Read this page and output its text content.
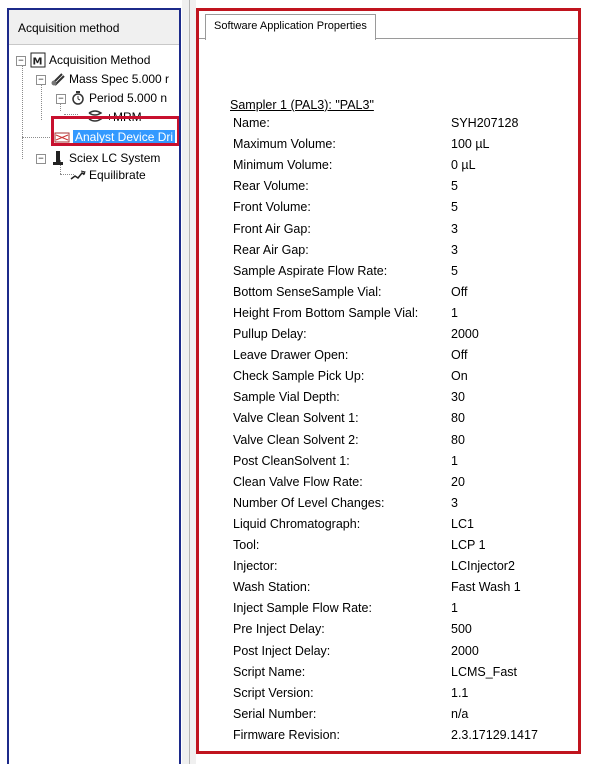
Acquisition method
− M Acquisition Method
− Mass Spec 5.000 r
− Period 5.000 n
+MRM
Analyst Device Dri
− Sciex LC System
Equilibrate
Software Application Properties
Sampler 1 (PAL3): "PAL3"
Name:	SYH207128
Maximum Volume:	100 µL
Minimum Volume:	0 µL
Rear Volume:	5
Front Volume:	5
Front Air Gap:	3
Rear Air Gap:	3
Sample Aspirate Flow Rate:	5
Bottom SenseSample Vial:	Off
Height From Bottom Sample Vial:	1
Pullup Delay:	2000
Leave Drawer Open:	Off
Check Sample Pick Up:	On
Sample Vial Depth:	30
Valve Clean Solvent 1:	80
Valve Clean Solvent 2:	80
Post CleanSolvent 1:	1
Clean Valve Flow Rate:	20
Number Of Level Changes:	3
Liquid Chromatograph:	LC1
Tool:	LCP 1
Injector:	LCInjector2
Wash Station:	Fast Wash 1
Inject Sample Flow Rate:	1
Pre Inject Delay:	500
Post Inject Delay:	2000
Script Name:	LCMS_Fast
Script Version:	1.1
Serial Number:	n/a
Firmware Revision:	2.3.17129.1417
